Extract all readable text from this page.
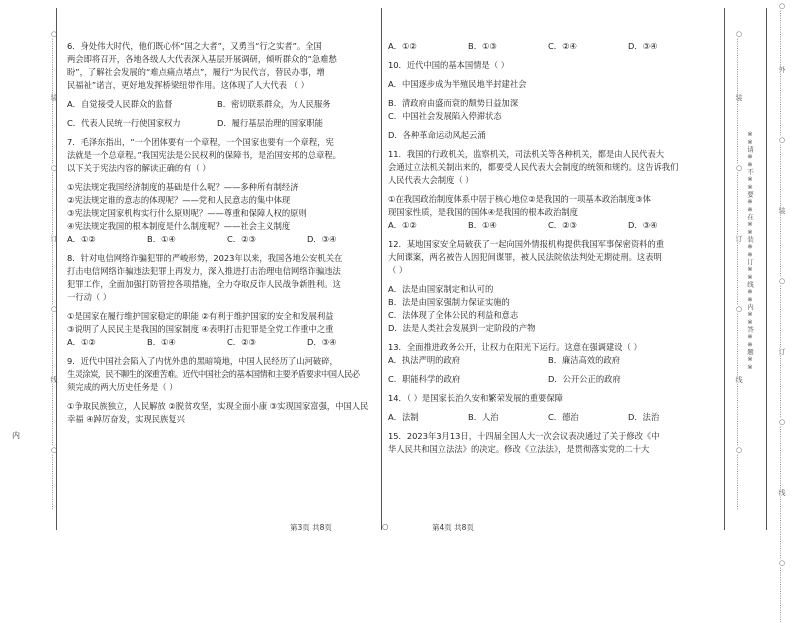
○……………………装………………………○………………………订………………………○………………………线………………………○……………………	○……………………装………………………○………………………订………………………○………………………线………………………○……………………	○……………………外………………………○………………………装………………………○………………………订………………………○………………………线………………………○……………………
※※请※※不※※要※※在※※装※※订※※线※※内※※答※※题※※

6．身处伟大时代，他们既心怀“国之大者”，又勇当“行之实者”。全国

两会即将召开，各地各级人大代表深入基层开展调研，倾听群众的“急难愁

盼”，了解社会发展的“难点痛点堵点”，履行“为民代言，替民办事，增

民福祉”诺言，更好地发挥桥梁纽带作用。这体现了人大代表 （ ）

A．自觉接受人民群众的监督	B．密切联系群众，为人民服务
C．代表人民统一行使国家权力	D．履行基层治理的国家职能

7．毛泽东指出，“一个团体要有一个章程，一个国家也要有一个章程，宪

法就是一个总章程。”我国宪法是公民权利的保障书，是治国安邦的总章程。

以下关于宪法内容的解读正确的有（ ）

①宪法规定我国经济制度的基础是什么呢？——多种所有制经济

②宪法规定谁的意志的体现呢？——党和人民意志的集中体现

③宪法规定国家机构实行什么原则呢？——尊重和保障人权的原则

④宪法规定我国的根本制度是什么制度呢？——社会主义制度

A．①②	B．①④	C．②③	D．③④

8．针对电信网络诈骗犯罪的严峻形势，2023年以来，我国各地公安机关在

打击电信网络诈骗违法犯罪上再发力，深入推进打击治理电信网络诈骗违法

犯罪工作，全面加强打防管控各项措施，全力夺取反诈人民战争新胜利。这

一行动（ ）

①是国家在履行维护国家稳定的职能 ②有利于维护国家的安全和发展利益

③说明了人民民主是我国的国家制度 ④表明打击犯罪是全党工作重中之重

A．①②	B．①④	C．②③	D．③④

9．近代中国社会陷入了内忧外患的黑暗境地，中国人民经历了山河破碎，

生灵涂炭，民不聊生的深重苦难。近代中国社会的基本国情和主要矛盾要求中国人民必

须完成的两大历史任务是（ ）

①争取民族独立，人民解放 ②脱贫攻坚，实现全面小康 ③实现国家富强，中国人民

幸福 ④踔厉奋发，实现民族复兴

A．①②	B．①③	C．②④	D．③④

10．近代中国的基本国情是（ ）

A．中国逐步成为半殖民地半封建社会

B．清政府由盛而衰的颓势日益加深

C．中国社会发展陷入停滞状态

D．各种革命运动风起云涌

11．我国的行政机关，监察机关，司法机关等各种机关，都是由人民代表大

会通过立法机关制出来的，都要受人民代表大会制度的统领和规约。这告诉我们

人民代表大会制度（ ）

①在我国政治制度体系中居于核心地位②是我国的一项基本政治制度③体

现国家性质，是我国的国体④是我国的根本政治制度

A．①②	B．①④	C．②③	D．③④

12．某地国家安全局破获了一起向国外情报机构提供我国军事保密资料的重

大间谍案，两名被告人因犯间谍罪，被人民法院依法判处无期徒刑。这表明

（ ）

A．法是由国家制定和认可的

B．法是由国家强制力保证实施的

C．法体现了全体公民的利益和意志

D．法是人类社会发展到一定阶段的产物

13．全面推进政务公开，让权力在阳光下运行。这意在强调建设（ ）

A．执法严明的政府	B．廉洁高效的政府
C．职能科学的政府	D．公开公正的政府

14．（ ）是国家长治久安和繁荣发展的重要保障

A．法制	B．人治	C．德治	D．法治

15．2023年3月13日，十四届全国人大一次会议表决通过了关于修改《中

华人民共和国立法法》的决定。修改《立法法》，是贯彻落实党的二十大

第3页 共8页	○	第4页 共8页
内
